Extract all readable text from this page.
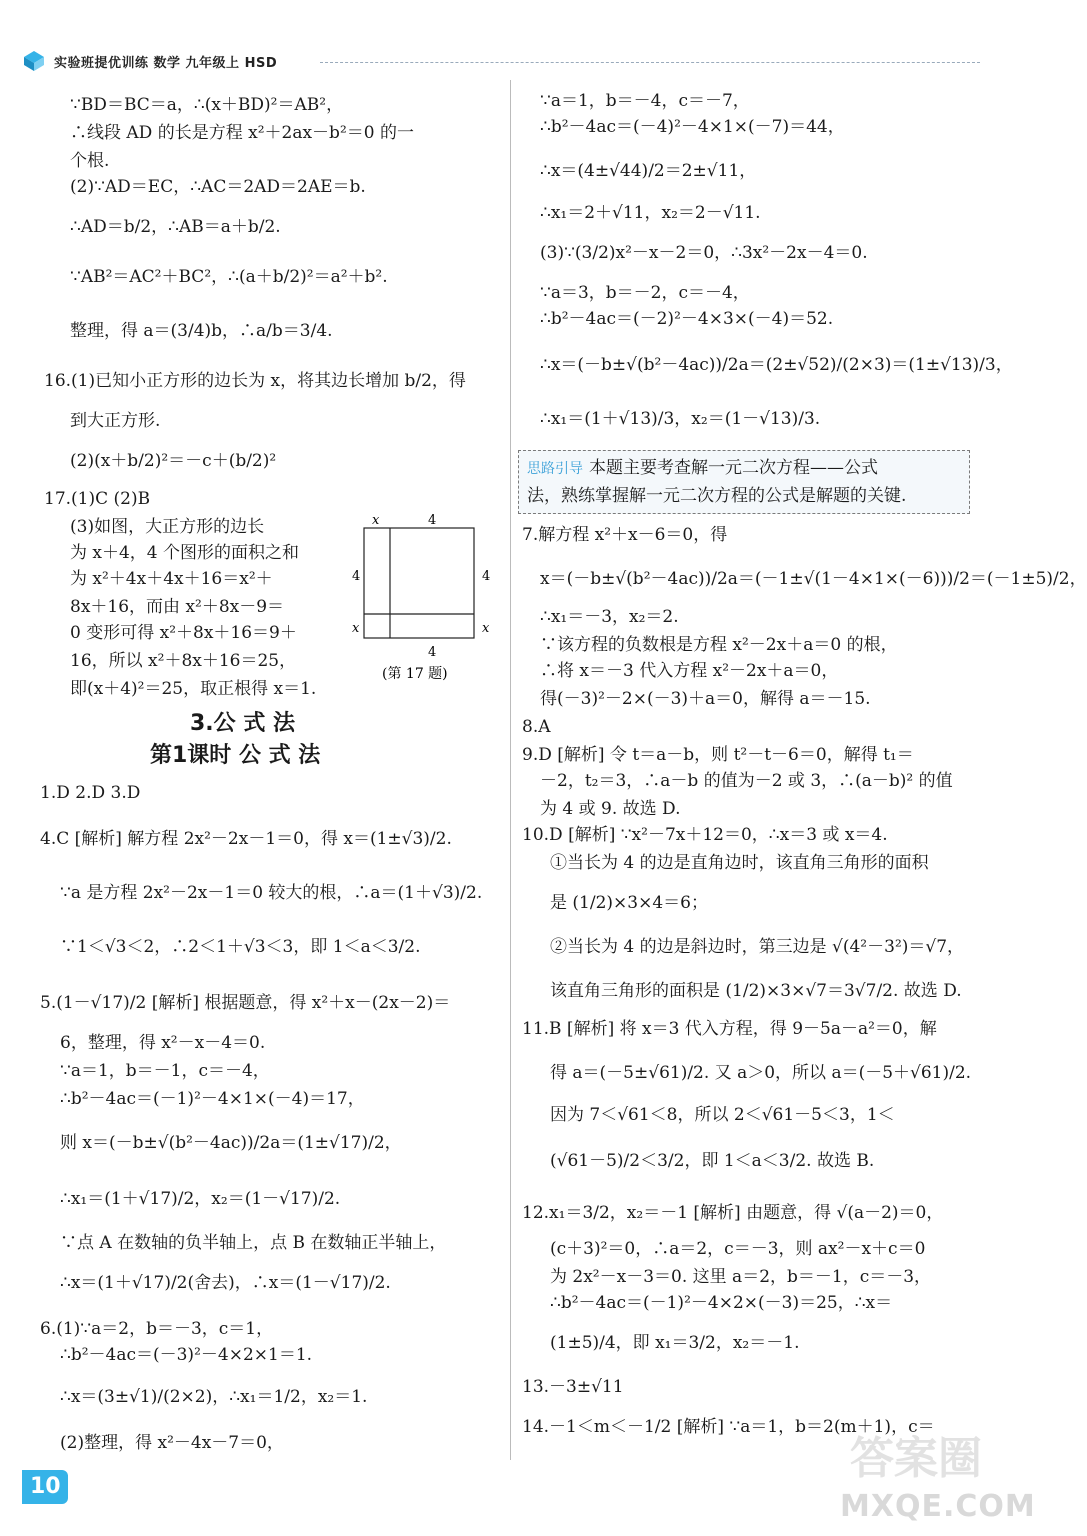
实验班提优训练 数学 九年级上 HSD
∵BD＝BC＝a，∴(x＋BD)²＝AB²，
∴线段 AD 的长是方程 x²＋2ax－b²＝0 的一
个根.
(2)∵AD＝EC，∴AC＝2AD＝2AE＝b.
∴AD＝b/2，∴AB＝a＋b/2.
∵AB²＝AC²＋BC²，∴(a＋b/2)²＝a²＋b².
整理，得 a＝(3/4)b，∴a/b＝3/4.
16.(1)已知小正方形的边长为 x，将其边长增加 b/2，得
到大正方形.
(2)(x＋b/2)²＝－c＋(b/2)²
17.(1)C (2)B
(3)如图，大正方形的边长
为 x＋4，4 个图形的面积之和
为 x²＋4x＋4x＋16＝x²＋
8x＋16，而由 x²＋8x－9＝
0 变形可得 x²＋8x＋16＝9＋
16，所以 x²＋8x＋16＝25，
即(x＋4)²＝25，取正根得 x＝1.
3.公 式 法
第1课时 公 式 法
1.D 2.D 3.D
4.C [解析] 解方程 2x²－2x－1＝0，得 x＝(1±√3)/2.
∵a 是方程 2x²－2x－1＝0 较大的根，∴a＝(1＋√3)/2.
∵1＜√3＜2，∴2＜1＋√3＜3，即 1＜a＜3/2.
5.(1－√17)/2 [解析] 根据题意，得 x²＋x－(2x－2)＝
6，整理，得 x²－x－4＝0.
∵a＝1，b＝－1，c＝－4，
∴b²－4ac＝(－1)²－4×1×(－4)＝17，
则 x＝(－b±√(b²－4ac))/2a＝(1±√17)/2，
∴x₁＝(1＋√17)/2，x₂＝(1－√17)/2.
∵点 A 在数轴的负半轴上，点 B 在数轴正半轴上，
∴x＝(1＋√17)/2(舍去)，∴x＝(1－√17)/2.
6.(1)∵a＝2，b＝－3，c＝1，
∴b²－4ac＝(－3)²－4×2×1＝1.
∴x＝(3±√1)/(2×2)，∴x₁＝1/2，x₂＝1.
(2)整理，得 x²－4x－7＝0，
x	4
4	4
x	x
4
(第 17 题)
∵a＝1，b＝－4，c＝－7，
∴b²－4ac＝(－4)²－4×1×(－7)＝44，
∴x＝(4±√44)/2＝2±√11，
∴x₁＝2＋√11，x₂＝2－√11.
(3)∵(3/2)x²－x－2＝0，∴3x²－2x－4＝0.
∵a＝3，b＝－2，c＝－4，
∴b²－4ac＝(－2)²－4×3×(－4)＝52.
∴x＝(－b±√(b²－4ac))/2a＝(2±√52)/(2×3)＝(1±√13)/3，
∴x₁＝(1＋√13)/3，x₂＝(1－√13)/3.
思路引导 本题主要考查解一元二次方程——公式
法，熟练掌握解一元二次方程的公式是解题的关键.
7.解方程 x²＋x－6＝0，得
x＝(－b±√(b²－4ac))/2a＝(－1±√(1－4×1×(－6)))/2＝(－1±5)/2，
∴x₁＝－3，x₂＝2.
∵该方程的负数根是方程 x²－2x＋a＝0 的根，
∴将 x＝－3 代入方程 x²－2x＋a＝0，
得(－3)²－2×(－3)＋a＝0，解得 a＝－15.
8.A
9.D [解析] 令 t＝a－b，则 t²－t－6＝0，解得 t₁＝
－2，t₂＝3，∴a－b 的值为－2 或 3，∴(a－b)² 的值
为 4 或 9. 故选 D.
10.D [解析] ∵x²－7x＋12＝0，∴x＝3 或 x＝4.
①当长为 4 的边是直角边时，该直角三角形的面积
是 (1/2)×3×4＝6；
②当长为 4 的边是斜边时，第三边是 √(4²－3²)＝√7，
该直角三角形的面积是 (1/2)×3×√7＝3√7/2. 故选 D.
11.B [解析] 将 x＝3 代入方程，得 9－5a－a²＝0，解
得 a＝(－5±√61)/2. 又 a＞0，所以 a＝(－5＋√61)/2.
因为 7＜√61＜8，所以 2＜√61－5＜3，1＜
(√61－5)/2＜3/2，即 1＜a＜3/2. 故选 B.
12.x₁＝3/2，x₂＝－1 [解析] 由题意，得 √(a－2)＝0，
(c＋3)²＝0，∴a＝2，c＝－3，则 ax²－x＋c＝0
为 2x²－x－3＝0. 这里 a＝2，b＝－1，c＝－3，
∴b²－4ac＝(－1)²－4×2×(－3)＝25，∴x＝
(1±5)/4，即 x₁＝3/2，x₂＝－1.
13.－3±√11
14.－1＜m＜－1/2 [解析] ∵a＝1，b＝2(m＋1)，c＝
10
答案圈
MXQE.COM
